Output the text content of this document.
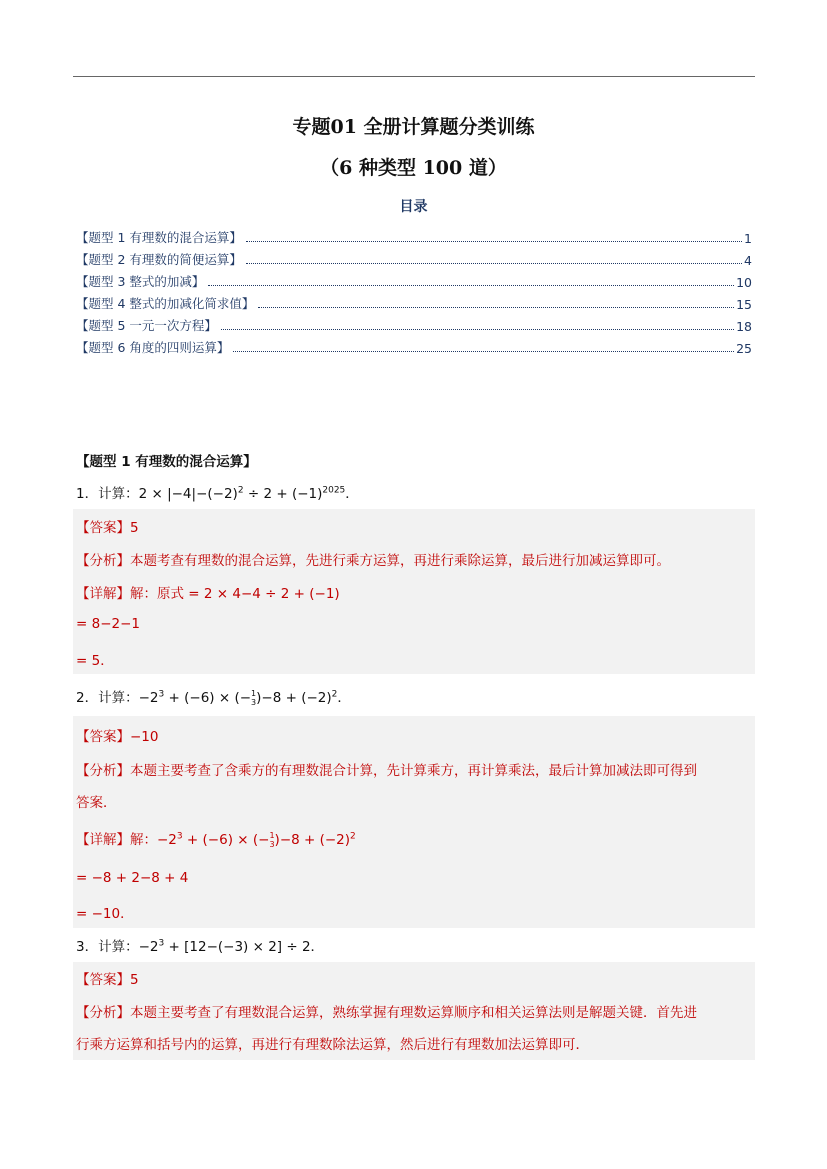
专题01 全册计算题分类训练
（6 种类型 100 道）
目录
【题型 1 有理数的混合运算】	1
【题型 2 有理数的简便运算】	4
【题型 3 整式的加减】	10
【题型 4 整式的加减化简求值】	15
【题型 5 一元一次方程】	18
【题型 6 角度的四则运算】	25
【题型 1 有理数的混合运算】
1．计算：$2 \times |-4|-(-2)^2 \div 2 + (-1)^{2025}$．
【答案】5
【分析】本题考查有理数的混合运算，先进行乘方运算，再进行乘除运算，最后进行加减运算即可。
【详解】解：原式 = 2 × 4−4 ÷ 2 + (−1)
= 8−2−1
= 5．
2．计算：$-2^3 + (-6) \times (-1$
$3)-8 + (-2)^2$．
【答案】−10
【分析】本题主要考查了含乘方的有理数混合计算，先计算乘方，再计算乘法，最后计算加减法即可得到
答案．
【详解】解：$-2^3 + (-6) \times (-1$
$3)-8 + (-2)^2$
= −8 + 2−8 + 4
= −10．
3．计算：$-2^3 + [12-(-3) \times 2] \div 2$．
【答案】5
【分析】本题主要考查了有理数混合运算，熟练掌握有理数运算顺序和相关运算法则是解题关键．首先进
行乘方运算和括号内的运算，再进行有理数除法运算，然后进行有理数加法运算即可．
